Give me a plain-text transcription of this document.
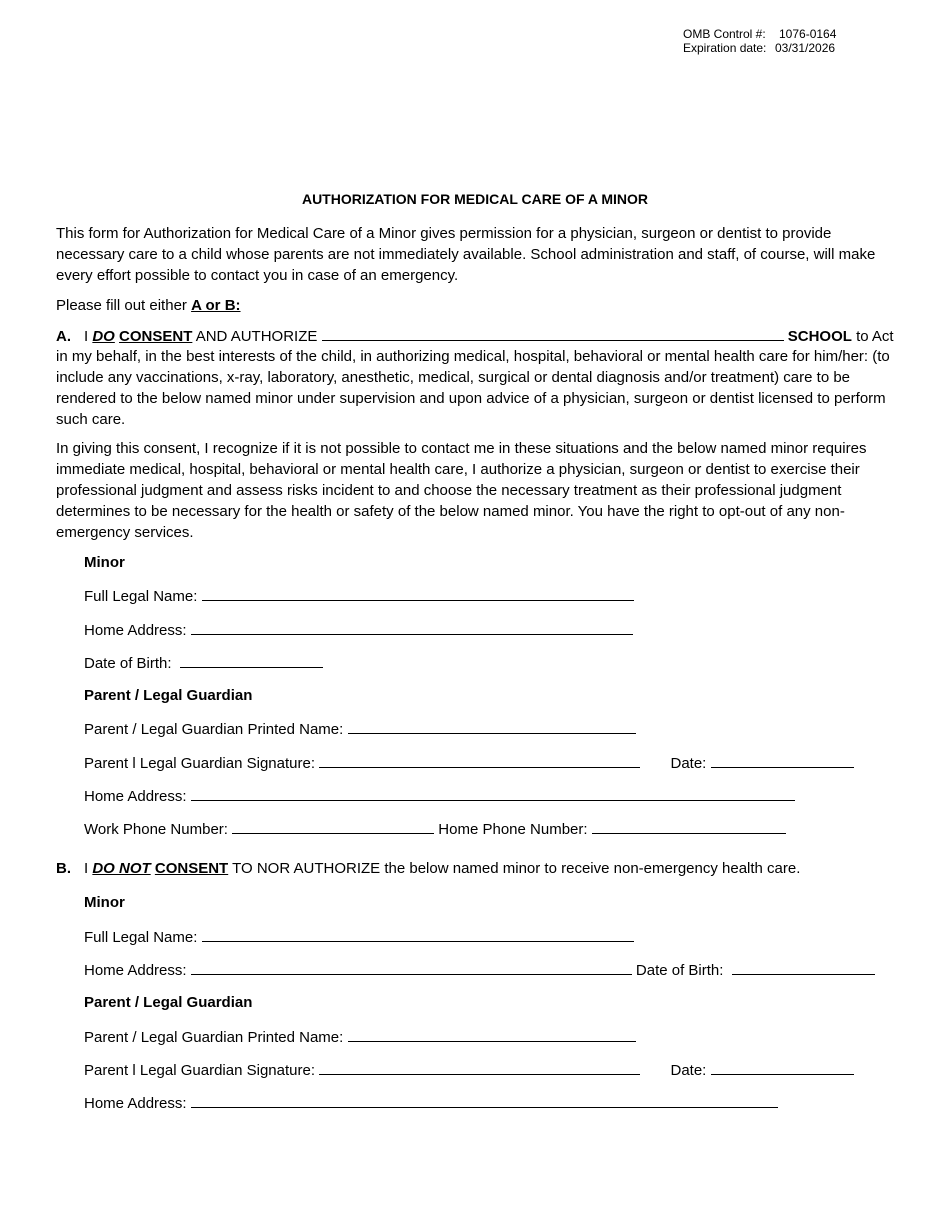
OMB Control #: 1076-0164
Expiration date: 03/31/2026
AUTHORIZATION FOR MEDICAL CARE OF A MINOR
This form for Authorization for Medical Care of a Minor gives permission for a physician, surgeon or dentist to provide necessary care to a child whose parents are not immediately available. School administration and staff, of course, will make every effort possible to contact you in case of an emergency.
Please fill out either A or B:
A. I DO CONSENT AND AUTHORIZE	SCHOOL to Act
in my behalf, in the best interests of the child, in authorizing medical, hospital, behavioral or mental health care for him/her: (to include any vaccinations, x-ray, laboratory, anesthetic, medical, surgical or dental diagnosis and/or treatment) care to be rendered to the below named minor under supervision and upon advice of a physician, surgeon or dentist licensed to perform such care.
In giving this consent, I recognize if it is not possible to contact me in these situations and the below named minor requires immediate medical, hospital, behavioral or mental health care, I authorize a physician, surgeon or dentist to exercise their professional judgment and assess risks incident to and choose the necessary treatment as their professional judgment determines to be necessary for the health or safety of the below named minor. You have the right to opt-out of any non-emergency services.
Minor
Full Legal Name:
Home Address:
Date of Birth:
Parent / Legal Guardian
Parent / Legal Guardian Printed Name:
Parent l Legal Guardian Signature:	Date:
Home Address:
Work Phone Number:	Home Phone Number:
B. I DO NOT CONSENT TO NOR AUTHORIZE the below named minor to receive non-emergency health care.
Minor
Full Legal Name:
Home Address:	Date of Birth:
Parent / Legal Guardian
Parent / Legal Guardian Printed Name:
Parent l Legal Guardian Signature:	Date:
Home Address:
